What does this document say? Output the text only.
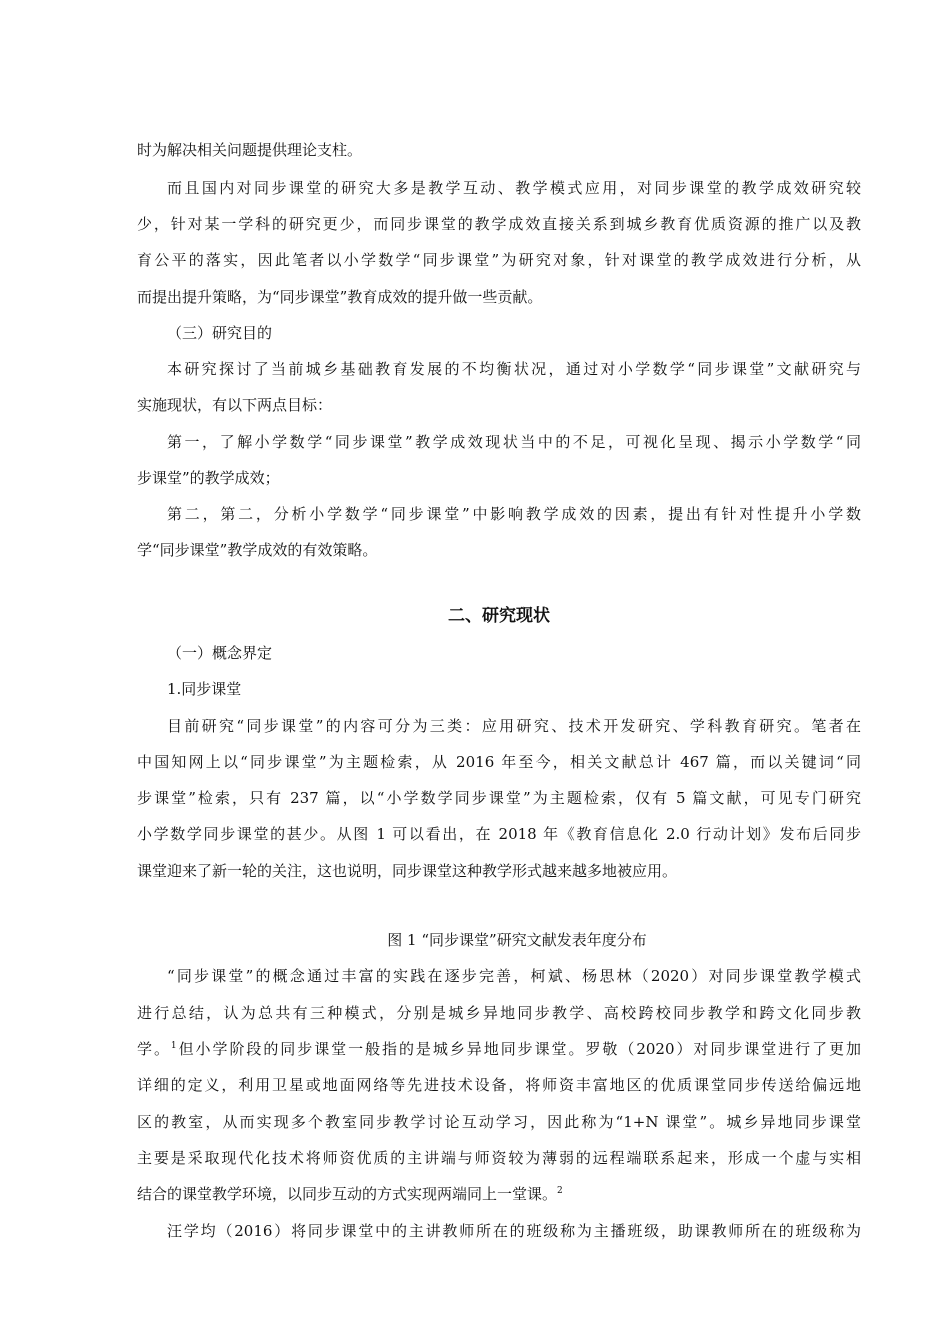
时为解决相关问题提供理论支柱。
而且国内对同步课堂的研究大多是教学互动、教学模式应用，对同步课堂的教学成效研究较
少，针对某一学科的研究更少，而同步课堂的教学成效直接关系到城乡教育优质资源的推广以及教
育公平的落实，因此笔者以小学数学“同步课堂”为研究对象，针对课堂的教学成效进行分析，从
而提出提升策略，为“同步课堂”教育成效的提升做一些贡献。
（三）研究目的
本研究探讨了当前城乡基础教育发展的不均衡状况，通过对小学数学“同步课堂”文献研究与
实施现状，有以下两点目标：
第一，了解小学数学“同步课堂”教学成效现状当中的不足，可视化呈现、揭示小学数学“同
步课堂”的教学成效；
第二，第二，分析小学数学“同步课堂”中影响教学成效的因素，提出有针对性提升小学数
学“同步课堂”教学成效的有效策略。
二、研究现状
（一）概念界定
1.同步课堂
目前研究“同步课堂”的内容可分为三类：应用研究、技术开发研究、学科教育研究。笔者在
中国知网上以“同步课堂”为主题检索，从 2016 年至今，相关文献总计 467 篇，而以关键词“同
步课堂”检索，只有 237 篇，以“小学数学同步课堂”为主题检索，仅有 5 篇文献，可见专门研究
小学数学同步课堂的甚少。从图 1 可以看出，在 2018 年《教育信息化 2.0 行动计划》发布后同步
课堂迎来了新一轮的关注，这也说明，同步课堂这种教学形式越来越多地被应用。
图 1 “同步课堂”研究文献发表年度分布
“同步课堂”的概念通过丰富的实践在逐步完善，柯斌、杨思林（2020）对同步课堂教学模式
进行总结，认为总共有三种模式，分别是城乡异地同步教学、高校跨校同步教学和跨文化同步教
学。$^1$但小学阶段的同步课堂一般指的是城乡异地同步课堂。罗敬（2020）对同步课堂进行了更加
详细的定义，利用卫星或地面网络等先进技术设备，将师资丰富地区的优质课堂同步传送给偏远地
区的教室，从而实现多个教室同步教学讨论互动学习，因此称为“1+N 课堂”。城乡异地同步课堂
主要是采取现代化技术将师资优质的主讲端与师资较为薄弱的远程端联系起来，形成一个虚与实相
结合的课堂教学环境，以同步互动的方式实现两端同上一堂课。$^2$
汪学均（2016）将同步课堂中的主讲教师所在的班级称为主播班级，助课教师所在的班级称为
